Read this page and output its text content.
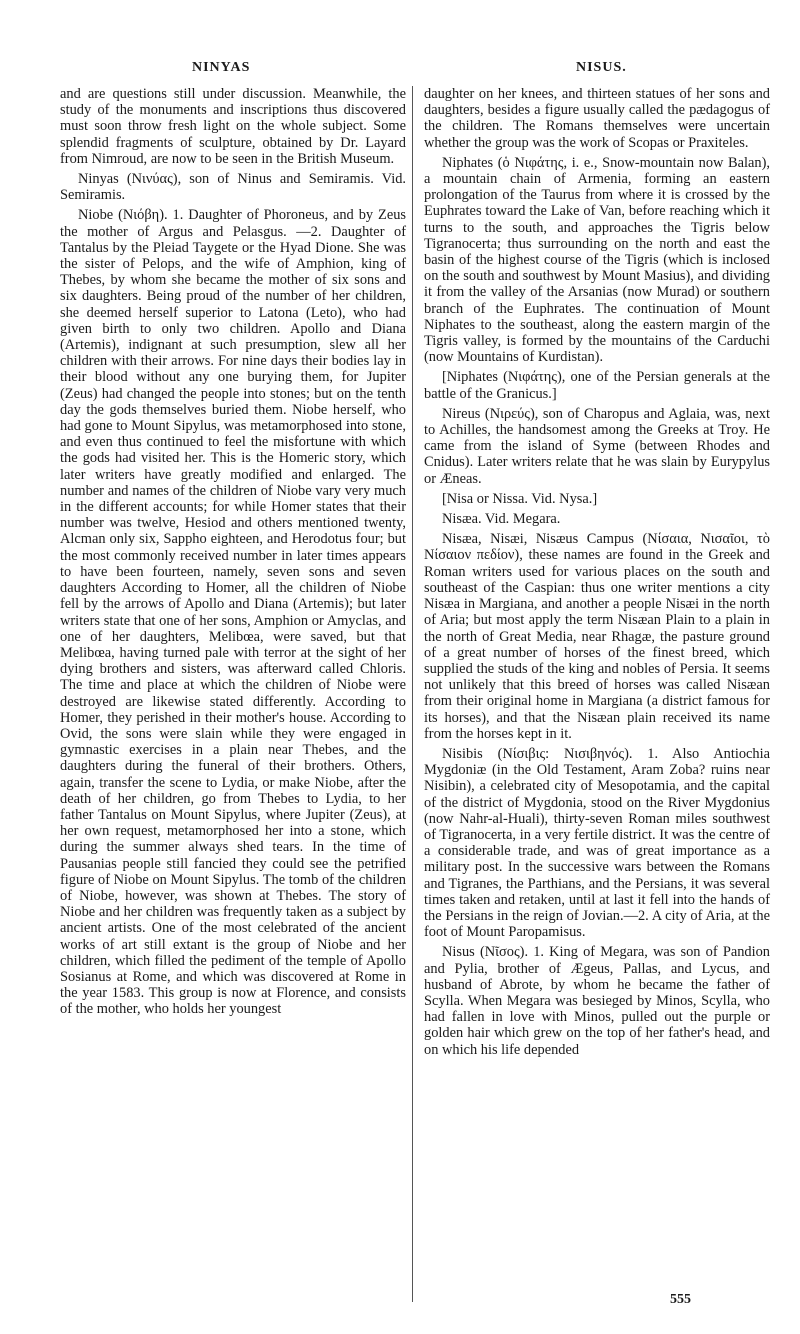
NINYAS	NISUS.

and are questions still under discussion. Meanwhile, the study of the monuments and inscriptions thus discovered must soon throw fresh light on the whole subject. Some splendid fragments of sculpture, obtained by Dr. Layard from Nimroud, are now to be seen in the British Museum.

Ninyas (Νινύας), son of Ninus and Semiramis. Vid. Semiramis.

Niobe (Νιόβη). 1. Daughter of Phoroneus, and by Zeus the mother of Argus and Pelasgus. —2. Daughter of Tantalus by the Pleiad Taygete or the Hyad Dione. She was the sister of Pelops, and the wife of Amphion, king of Thebes, by whom she became the mother of six sons and six daughters. Being proud of the number of her children, she deemed herself superior to Latona (Leto), who had given birth to only two children. Apollo and Diana (Artemis), indignant at such presumption, slew all her children with their arrows. For nine days their bodies lay in their blood without any one burying them, for Jupiter (Zeus) had changed the people into stones; but on the tenth day the gods themselves buried them. Niobe herself, who had gone to Mount Sipylus, was metamorphosed into stone, and even thus continued to feel the misfortune with which the gods had visited her. This is the Homeric story, which later writers have greatly modified and enlarged. The number and names of the children of Niobe vary very much in the different accounts; for while Homer states that their number was twelve, Hesiod and others mentioned twenty, Alcman only six, Sappho eighteen, and Herodotus four; but the most commonly received number in later times appears to have been fourteen, namely, seven sons and seven daughters According to Homer, all the children of Niobe fell by the arrows of Apollo and Diana (Artemis); but later writers state that one of her sons, Amphion or Amyclas, and one of her daughters, Melibœa, were saved, but that Melibœa, having turned pale with terror at the sight of her dying brothers and sisters, was afterward called Chloris. The time and place at which the children of Niobe were destroyed are likewise stated differently. According to Homer, they perished in their mother's house. According to Ovid, the sons were slain while they were engaged in gymnastic exercises in a plain near Thebes, and the daughters during the funeral of their brothers. Others, again, transfer the scene to Lydia, or make Niobe, after the death of her children, go from Thebes to Lydia, to her father Tantalus on Mount Sipylus, where Jupiter (Zeus), at her own request, metamorphosed her into a stone, which during the summer always shed tears. In the time of Pausanias people still fancied they could see the petrified figure of Niobe on Mount Sipylus. The tomb of the children of Niobe, however, was shown at Thebes. The story of Niobe and her children was frequently taken as a subject by ancient artists. One of the most celebrated of the ancient works of art still extant is the group of Niobe and her children, which filled the pediment of the temple of Apollo Sosianus at Rome, and which was discovered at Rome in the year 1583. This group is now at Florence, and consists of the mother, who holds her youngest

daughter on her knees, and thirteen statues of her sons and daughters, besides a figure usually called the pædagogus of the children. The Romans themselves were uncertain whether the group was the work of Scopas or Praxiteles.

Niphates (ὁ Νιφάτης, i. e., Snow-mountain now Balan), a mountain chain of Armenia, forming an eastern prolongation of the Taurus from where it is crossed by the Euphrates toward the Lake of Van, before reaching which it turns to the south, and approaches the Tigris below Tigranocerta; thus surrounding on the north and east the basin of the highest course of the Tigris (which is inclosed on the south and southwest by Mount Masius), and dividing it from the valley of the Arsanias (now Murad) or southern branch of the Euphrates. The continuation of Mount Niphates to the southeast, along the eastern margin of the Tigris valley, is formed by the mountains of the Carduchi (now Mountains of Kurdistan).

[Niphates (Νιφάτης), one of the Persian generals at the battle of the Granicus.]

Nireus (Νιρεύς), son of Charopus and Aglaia, was, next to Achilles, the handsomest among the Greeks at Troy. He came from the island of Syme (between Rhodes and Cnidus). Later writers relate that he was slain by Eurypylus or Æneas.

[Nisa or Nissa. Vid. Nysa.]

Nisæa. Vid. Megara.

Nisæa, Nisæi, Nisæus Campus (Νίσαια, Νισαῖοι, τὸ Νίσαιον πεδίον), these names are found in the Greek and Roman writers used for various places on the south and southeast of the Caspian: thus one writer mentions a city Nisæa in Margiana, and another a people Nisæi in the north of Aria; but most apply the term Nisæan Plain to a plain in the north of Great Media, near Rhagæ, the pasture ground of a great number of horses of the finest breed, which supplied the studs of the king and nobles of Persia. It seems not unlikely that this breed of horses was called Nisæan from their original home in Margiana (a district famous for its horses), and that the Nisæan plain received its name from the horses kept in it.

Nisibis (Νίσιβις: Νισιβηνός). 1. Also Antiochia Mygdoniæ (in the Old Testament, Aram Zoba? ruins near Nisibin), a celebrated city of Mesopotamia, and the capital of the district of Mygdonia, stood on the River Mygdonius (now Nahr-al-Huali), thirty-seven Roman miles southwest of Tigranocerta, in a very fertile district. It was the centre of a considerable trade, and was of great importance as a military post. In the successive wars between the Romans and Tigranes, the Parthians, and the Persians, it was several times taken and retaken, until at last it fell into the hands of the Persians in the reign of Jovian.—2. A city of Aria, at the foot of Mount Paropamisus.

Nisus (Νῖσος). 1. King of Megara, was son of Pandion and Pylia, brother of Ægeus, Pallas, and Lycus, and husband of Abrote, by whom he became the father of Scylla. When Megara was besieged by Minos, Scylla, who had fallen in love with Minos, pulled out the purple or golden hair which grew on the top of her father's head, and on which his life depended

555
